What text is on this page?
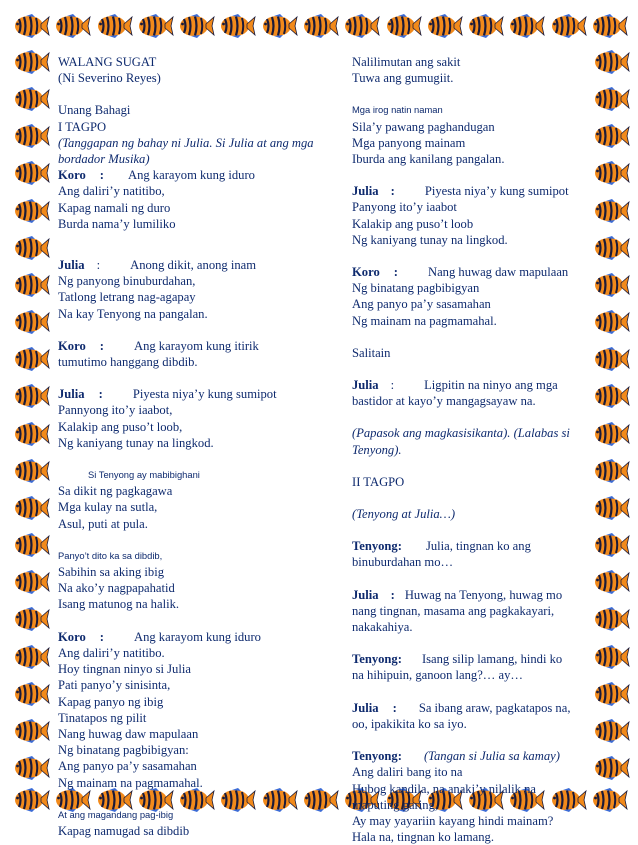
WALANG SUGAT
(Ni Severino Reyes)
Unang Bahagi
I TAGPO
(Tanggapan ng bahay ni Julia. Si Julia at ang mga bordador Musika)
Koro : Ang karayom kung iduro
Ang daliri’y natitibo,
Kapag namali ng duro
Burda nama’y lumiliko
Julia : Anong dikit, anong inam
Ng panyong binuburdahan,
Tatlong letrang nag-agapay
Na kay Tenyong na pangalan.
Koro : Ang karayom kung itirik
tumutimo hanggang dibdib.
Julia : Piyesta niya’y kung sumipot
Pannyong ito’y iaabot,
Kalakip ang puso’t loob,
Ng kaniyang tunay na lingkod.
Si Tenyong ay mabibighani
Sa dikit ng pagkagawa
Mga kulay na sutla,
Asul, puti at pula.
Panyo’t dito ka sa dibdib,
Sabihin sa aking ibig
Na ako’y nagpapahatid
Isang matunog na halik.
Koro : Ang karayom kung iduro
Ang daliri’y natitibo.
Hoy tingnan ninyo si Julia
Pati panyo’y sinisinta,
Kapag panyo ng ibig
Tinatapos ng pilit
Nang huwag daw mapulaan
Ng binatang pagbibigyan:
Ang panyo pa’y sasamahan
Ng mainam na pagmamahal.
At ang magandang pag-ibig
Kapag namugad sa dibdib
Nalilimutan ang sakit
Tuwa ang gumugiit.
Mga irog natin naman
Sila’y pawang paghandugan
Mga panyong mainam
Iburda ang kanilang pangalan.
Julia : Piyesta niya’y kung sumipot
Panyong ito’y iaabot
Kalakip ang puso’t loob
Ng kaniyang tunay na lingkod.
Koro : Nang huwag daw mapulaan
Ng binatang pagbibigyan
Ang panyo pa’y sasamahan
Ng mainam na pagmamahal.
Salitain
Julia : Ligpitin na ninyo ang mga
bastidor at kayo’y mangagsayaw na.
(Papasok ang magkasisikanta). (Lalabas si
Tenyong).
II TAGPO
(Tenyong at Julia…)
Tenyong: Julia, tingnan ko ang
binuburdahan mo…
Julia : Huwag na Tenyong, huwag mo
nang tingnan, masama ang pagkakayari,
nakakahiya.
Tenyong: Isang silip lamang, hindi ko
na hihipuin, ganoon lang?… ay…
Julia : Sa ibang araw, pagkatapos na,
oo, ipakikita ko sa iyo.
Tenyong: (Tangan si Julia sa kamay)
Ang daliri bang ito na
Hubog kandila, na anaki’y nilalik na
maputing garing,
Ay may yayariin kayang hindi mainam?
Hala na, tingnan ko lamang.
